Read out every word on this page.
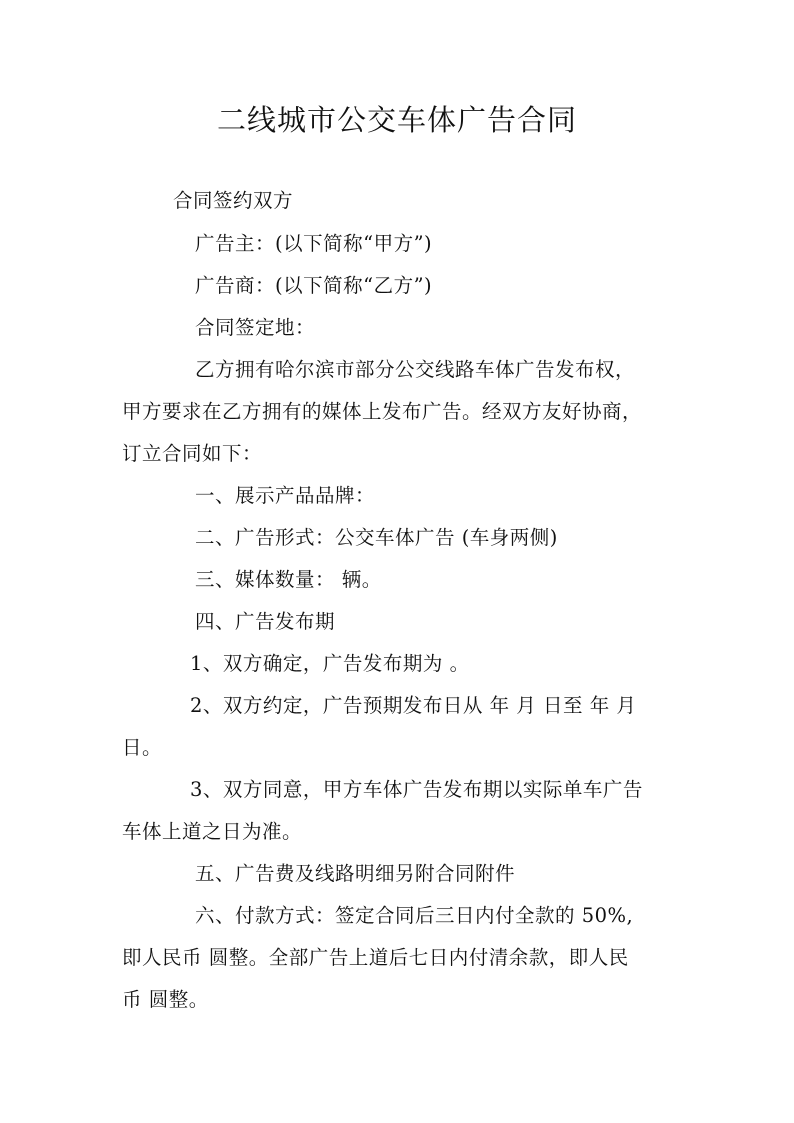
二线城市公交车体广告合同
合同签约双方
广告主：(以下简称“甲方”)
广告商：(以下简称“乙方”)
合同签定地：
乙方拥有哈尔滨市部分公交线路车体广告发布权，
甲方要求在乙方拥有的媒体上发布广告。经双方友好协商，
订立合同如下：
一、展示产品品牌：
二、广告形式：公交车体广告 (车身两侧)
三、媒体数量： 辆。
四、广告发布期
1、双方确定，广告发布期为 。
2、双方约定，广告预期发布日从 年 月 日至 年 月
日。
3、双方同意，甲方车体广告发布期以实际单车广告
车体上道之日为准。
五、广告费及线路明细另附合同附件
六、付款方式：签定合同后三日内付全款的 50%,
即人民币 圆整。全部广告上道后七日内付清余款，即人民
币 圆整。
